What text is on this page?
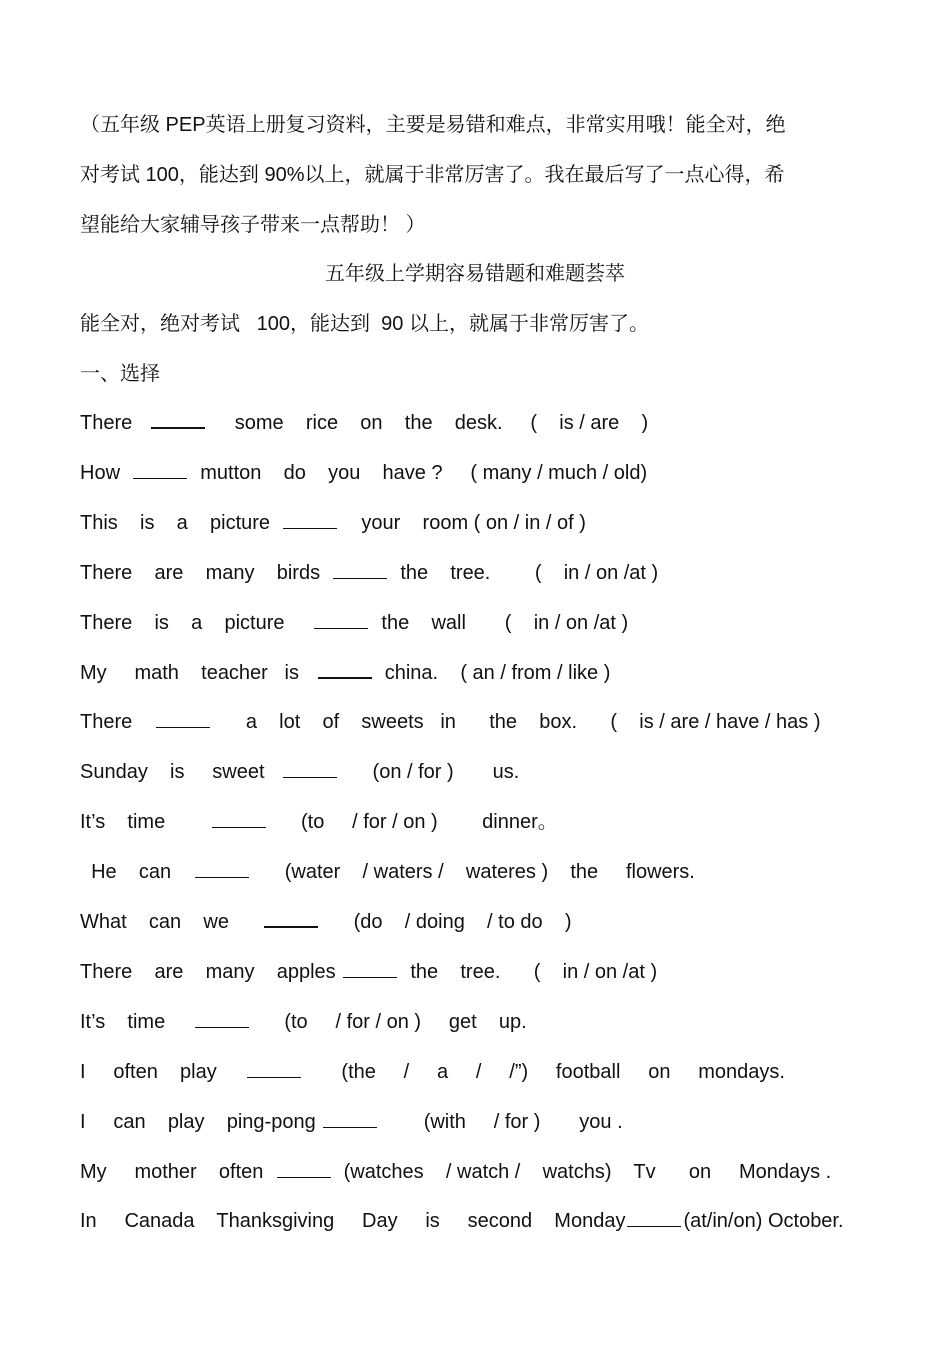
（五年级 PEP英语上册复习资料，主要是易错和难点，非常实用哦！能全对，绝
对考试 100，能达到 90%以上，就属于非常厉害了。我在最后写了一点心得，希
望能给大家辅导孩子带来一点帮助！ ）
五年级上学期容易错题和难题荟萃
能全对，绝对考试   100，能达到  90 以上，就属于非常厉害了。
一、选择
There	some    rice    on    the    desk.     (    is / are    )
How	mutton    do    you    have ?     ( many / much / old)
This    is    a    picture	your    room ( on / in / of )
There    are    many    birds	the    tree.        (    in / on /at )
There    is    a    picture	the    wall       (    in / on /at )
My     math    teacher   is	china.    ( an / from / like )
There	a    lot    of    sweets   in      the    box.      (    is / are / have / has )
Sunday    is     sweet	(on / for )       us.
It’s    time	(to     / for / on )        dinner。
He    can	(water    / waters /    wateres )    the     flowers.
What    can    we	(do    / doing    / to do    )
There    are    many    apples	the    tree.      (    in / on /at )
It’s    time	(to     / for / on )     get    up.
I     often    play	(the     /     a     /     /”)     football     on     mondays.
I     can    play    ping-pong	(with     / for )       you .
My     mother    often	(watches    / watch /    watchs)    Tv      on     Mondays .
In     Canada    Thanksgiving     Day     is     second    Monday	(at/in/on) October.
